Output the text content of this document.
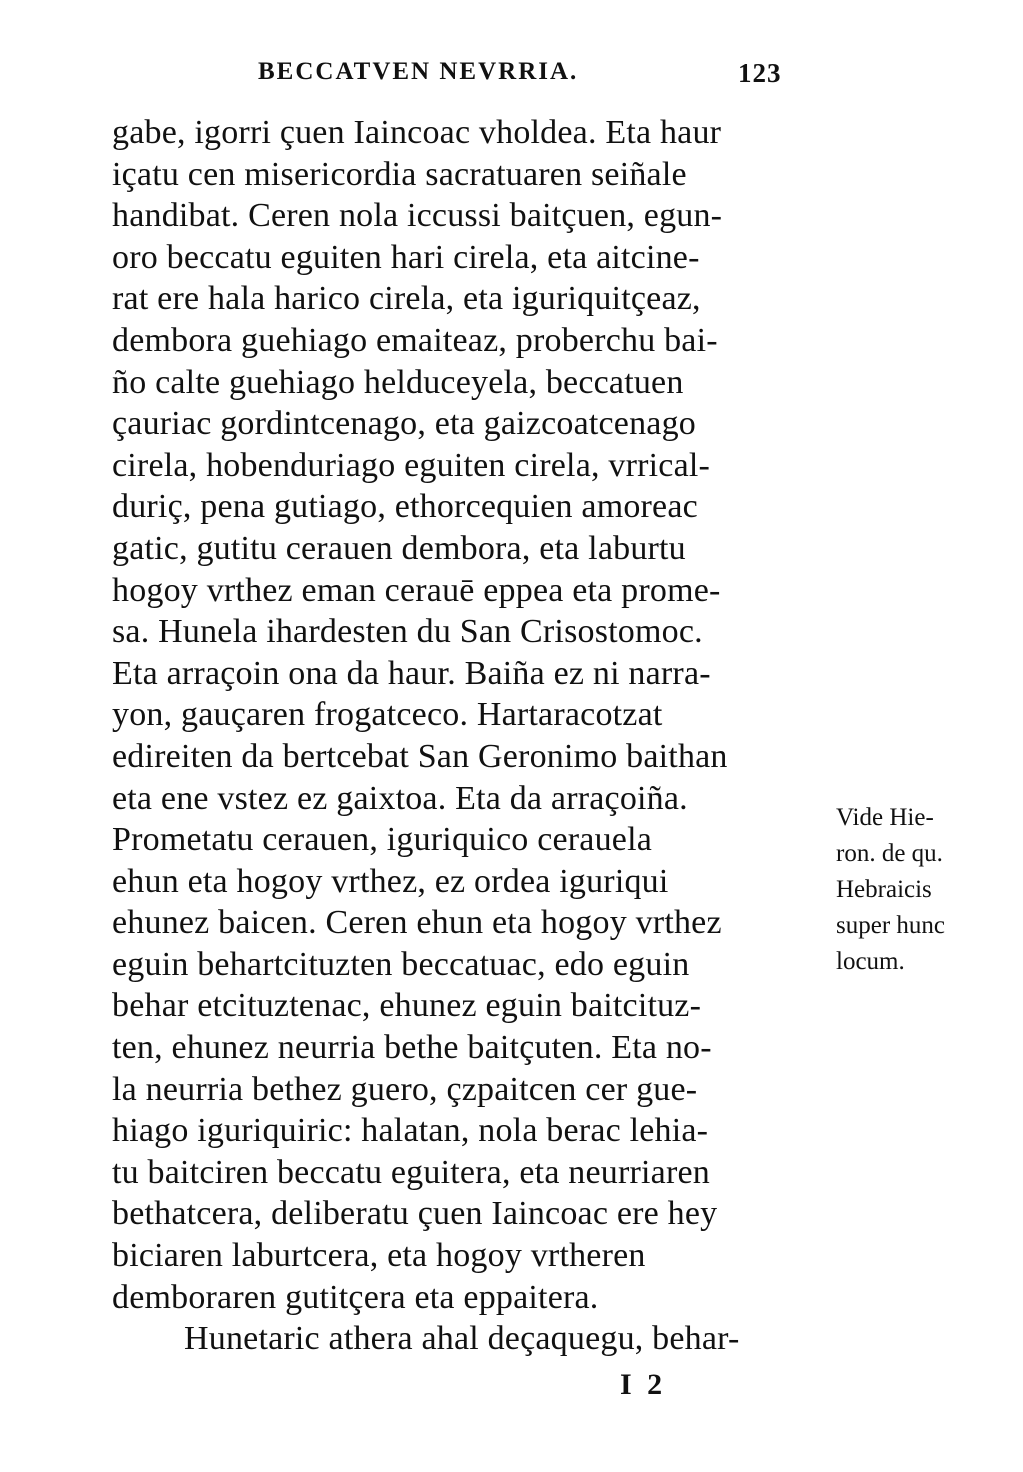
BECCATVEN NEVRRIA.	123
gabe, igorri çuen Iaincoac vholdea. Eta haur
içatu cen misericordia sacratuaren seiñale
handibat. Ceren nola iccussi baitçuen, egun-
oro beccatu eguiten hari cirela, eta aitcine-
rat ere hala harico cirela, eta iguriquitçeaz,
dembora guehiago emaiteaz, proberchu bai-
ño calte guehiago helduceyela, beccatuen
çauriac gordintcenago, eta gaizcoatcenago
cirela, hobenduriago eguiten cirela, vrrical-
duriç, pena gutiago, ethorcequien amoreac
gatic, gutitu cerauen dembora, eta laburtu
hogoy vrthez eman cerauē eppea eta prome-
sa. Hunela ihardesten du San Crisostomoc.
Eta arraçoin ona da haur. Baiña ez ni narra-
yon, gauçaren frogatceco. Hartaracotzat
edireiten da bertcebat San Geronimo baithan
eta ene vstez ez gaixtoa. Eta da arraçoiña.
Prometatu cerauen, iguriquico cerauela
ehun eta hogoy vrthez, ez ordea iguriqui
ehunez baicen. Ceren ehun eta hogoy vrthez
eguin behartcituzten beccatuac, edo eguin
behar etcituztenac, ehunez eguin baitcituz-
ten, ehunez neurria bethe baitçuten. Eta no-
la neurria bethez guero, çzpaitcen cer gue-
hiago iguriquiric: halatan, nola berac lehia-
tu baitciren beccatu eguitera, eta neurriaren
bethatcera, deliberatu çuen Iaincoac ere hey
biciaren laburtcera, eta hogoy vrtheren
demboraren gutitçera eta eppaitera.
Hunetaric athera ahal deçaquegu, behar-
Vide Hie-
ron. de qu.
Hebraicis
super hunc
locum.
I 2
